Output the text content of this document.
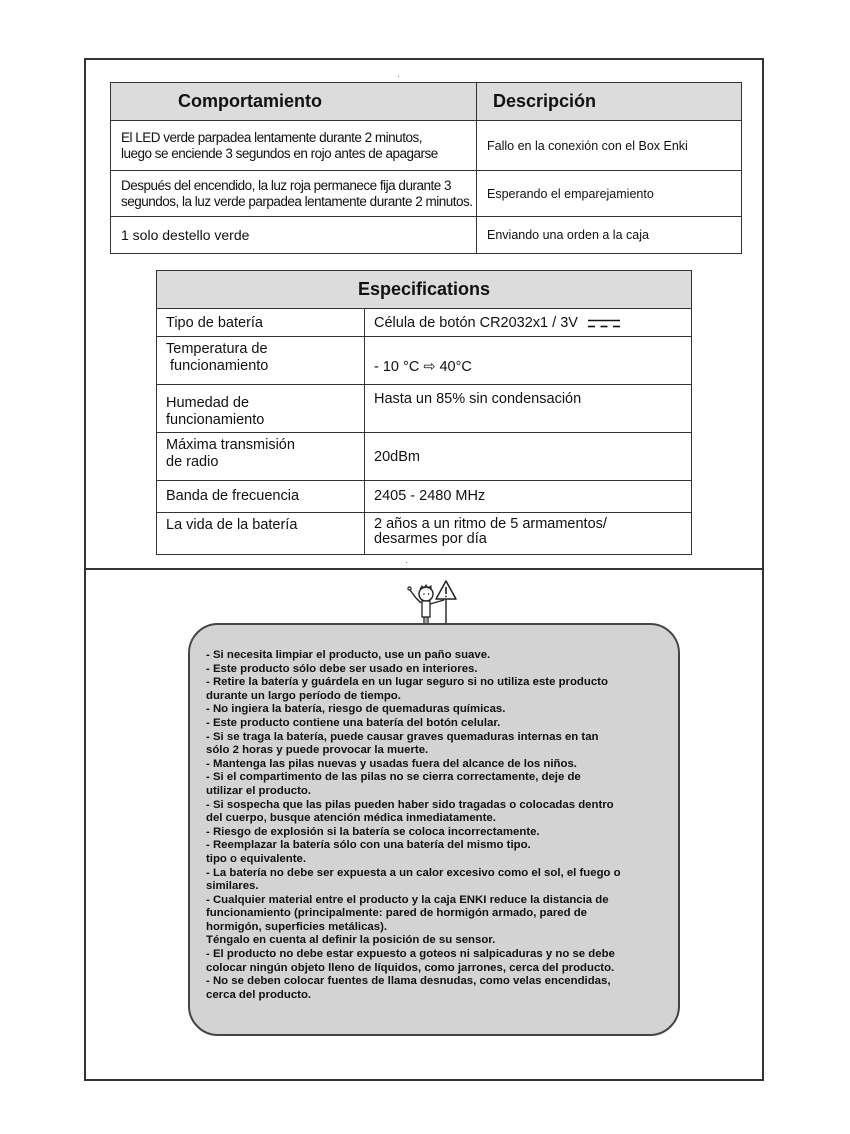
Comportamiento	Descripción

El LED verde parpadea lentamente durante 2 minutos,
luego se enciende 3 segundos en rojo antes de apagarse	Fallo en la conexión con el Box Enki

Después del encendido, la luz roja permanece fija durante 3
segundos, la luz verde parpadea lentamente durante 2 minutos.	Esperando el emparejamiento

1 solo destello verde	Enviando una orden a la caja
Especifications	

Tipo de batería	Célula de botón CR2032x1 / 3V

Temperatura de
funcionamiento	- 10 °C ⇨ 40°C

Humedad de
funcionamiento	Hasta un 85% sin condensación

Máxima transmisión
de radio	20dBm

Banda de frecuencia	2405 - 2480 MHz

La vida de la batería	2 años a un ritmo de 5 armamentos/
desarmes por día
- Si necesita limpiar el producto, use un paño suave.
- Este producto sólo debe ser usado en interiores.
- Retire la batería y guárdela en un lugar seguro si no utiliza este producto
durante un largo período de tiempo.
- No ingiera la batería, riesgo de quemaduras químicas.
- Este producto contiene una batería del botón celular.
- Si se traga la batería, puede causar graves quemaduras internas en tan
sólo 2 horas y puede provocar la muerte.
- Mantenga las pilas nuevas y usadas fuera del alcance de los niños.
- Si el compartimento de las pilas no se cierra correctamente, deje de
utilizar el producto.
- Si sospecha que las pilas pueden haber sido tragadas o colocadas dentro
del cuerpo, busque atención médica inmediatamente.
- Riesgo de explosión si la batería se coloca incorrectamente.
- Reemplazar la batería sólo con una batería del mismo tipo.
tipo o equivalente.
- La batería no debe ser expuesta a un calor excesivo como el sol, el fuego o
similares.
- Cualquier material entre el producto y la caja ENKI reduce la distancia de
funcionamiento (principalmente: pared de hormigón armado, pared de
hormigón, superficies metálicas).
Téngalo en cuenta al definir la posición de su sensor.
- El producto no debe estar expuesto a goteos ni salpicaduras y no se debe
colocar ningún objeto lleno de líquidos, como jarrones, cerca del producto.
- No se deben colocar fuentes de llama desnudas, como velas encendidas,
cerca del producto.
